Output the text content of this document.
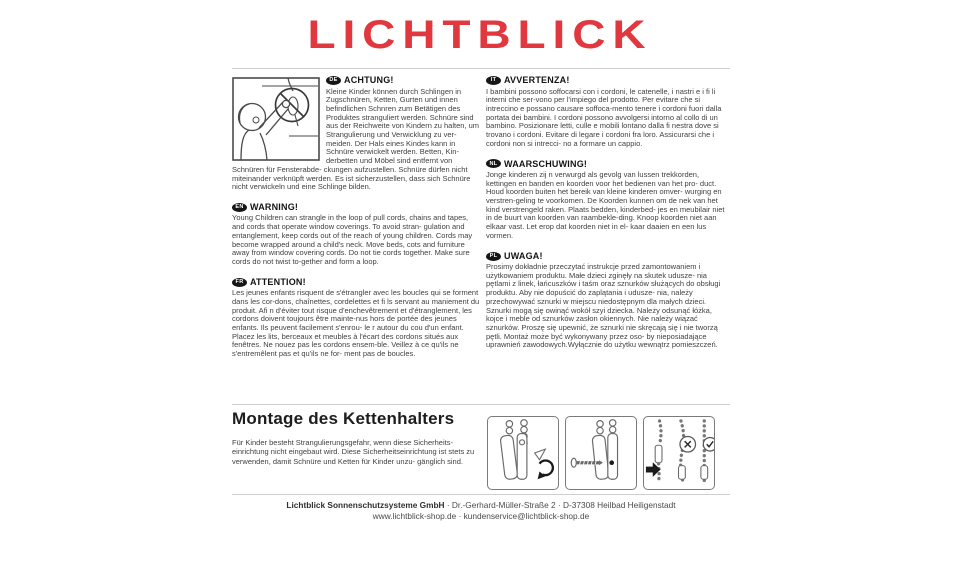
LICHTBLICK
DE ACHTUNG!
Kleine Kinder können durch Schlingen in Zugschnüren, Ketten, Gurten und innen befindlichen Schnren zum Betätigen des Produktes stranguliert werden. Schnüre sind aus der Reichweite von Kindern zu halten, um Strangulierung und Verwicklung zu ver- meiden. Der Hals eines Kindes kann in Schnüre verwickelt werden. Betten, Kin- derbetten und Möbel sind entfernt von Schnüren für Fensterabde- ckungen aufzustellen. Schnüre dürfen nicht miteinander verknüpft werden. Es ist sicherzustellen, dass sich Schnüre nicht verwickeln und eine Schlinge bilden.
EN WARNING!
Young Children can strangle in the loop of pull cords, chains and tapes, and cords that operate window coverings. To avoid stran- gulation and entanglement, keep cords out of the reach of young children. Cords may become wrapped around a child's neck. Move beds, cots and furniture away from window covering cords. Do not tie cords together. Make sure cords do not twist to-gether and form a loop.
FR ATTENTION!
Les jeunes enfants risquent de s'étrangler avec les boucles qui se forment dans les cor-dons, chaînettes, cordelettes et fi ls servant au maniement du produit. Afi n d'éviter tout risque d'enchevêtrement et d'étranglement, les cordons doivent toujours être mainte-nus hors de portée des jeunes enfants. Ils peuvent facilement s'enrou- le r autour du cou d'un enfant. Placez les lits, berceaux et meubles à l'écart des cordons situés aux fenêtres. Ne nouez pas les cordons ensem-ble. Veillez à ce qu'ils ne s'entremêlent pas et qu'ils ne for- ment pas de boucles.
IT AVVERTENZA!
I bambini possono soffocarsi con i cordoni, le catenelle, i nastri e i fi li interni che ser-vono per l'impiego del prodotto. Per evitare che si intreccino e possano causare soffoca-mento tenere i cordoni fuori dalla portata dei bambini. I cordoni possono avvolgersi intorno al collo di un bambino. Posizionare letti, culle e mobili lontano dalla fi nestra dove si trovano i cordoni. Evitare di legare i cordoni fra loro. Assicurarsi che i cordoni non si intrecci- no a formare un cappio.
NL WAARSCHUWING!
Jonge kinderen zij n verwurgd als gevolg van lussen trekkorden, kettingen en banden en koorden voor het bedienen van het pro- duct. Houd koorden buiten het bereik van kleine kinderen omver- wurging en verstren-geling te voorkomen. De Koorden kunnen om de nek van het kind verstrengeld raken. Plaats bedden, kinderbed- jes en meubilair niet in de buurt van koorden van raambekle-ding. Knoop koorden niet aan elkaar vast. Let erop dat koorden niet in el- kaar daaien en een lus vormen.
PL UWAGA!
Prosimy dokładnie przeczytać instrukcje przed zamontowaniem i użytkowaniem produktu. Małe dzieci zginęły na skutek udusze- nia pętlami z linek, łańcuszków i taśm oraz sznurków służących do obsługi produktu. Aby nie dopuścić do zaplątania i udusze- nia, należy przechowywać sznurki w miejscu niedostępnym dla małych dzieci. Sznurki mogą się owinąć wokół szyi dziecka. Należy odsunąć łóżka, kojce i meble od sznurków zasłon okiennych. Nie należy wiązać sznurków. Proszę się upewnić, że sznurki nie skręcają się i nie tworzą pętli. Montaż może być wykonywany przez oso- by nieposiadające uprawnień zawodowych.Wyłącznie do użytku wewnątrz pomieszczeń.
Montage des Kettenhalters
Für Kinder besteht Strangulierungsgefahr, wenn diese Sicherheits- einrichtung nicht eingebaut wird. Diese Sicherheitseinrichtung ist stets zu verwenden, damit Schnüre und Ketten für Kinder unzu- gänglich sind.
Lichtblick Sonnenschutzsysteme GmbH · Dr.-Gerhard-Müller-Straße 2 · D-37308 Heilbad Heiligenstadt
www.lichtblick-shop.de · kundenservice@lichtblick-shop.de
